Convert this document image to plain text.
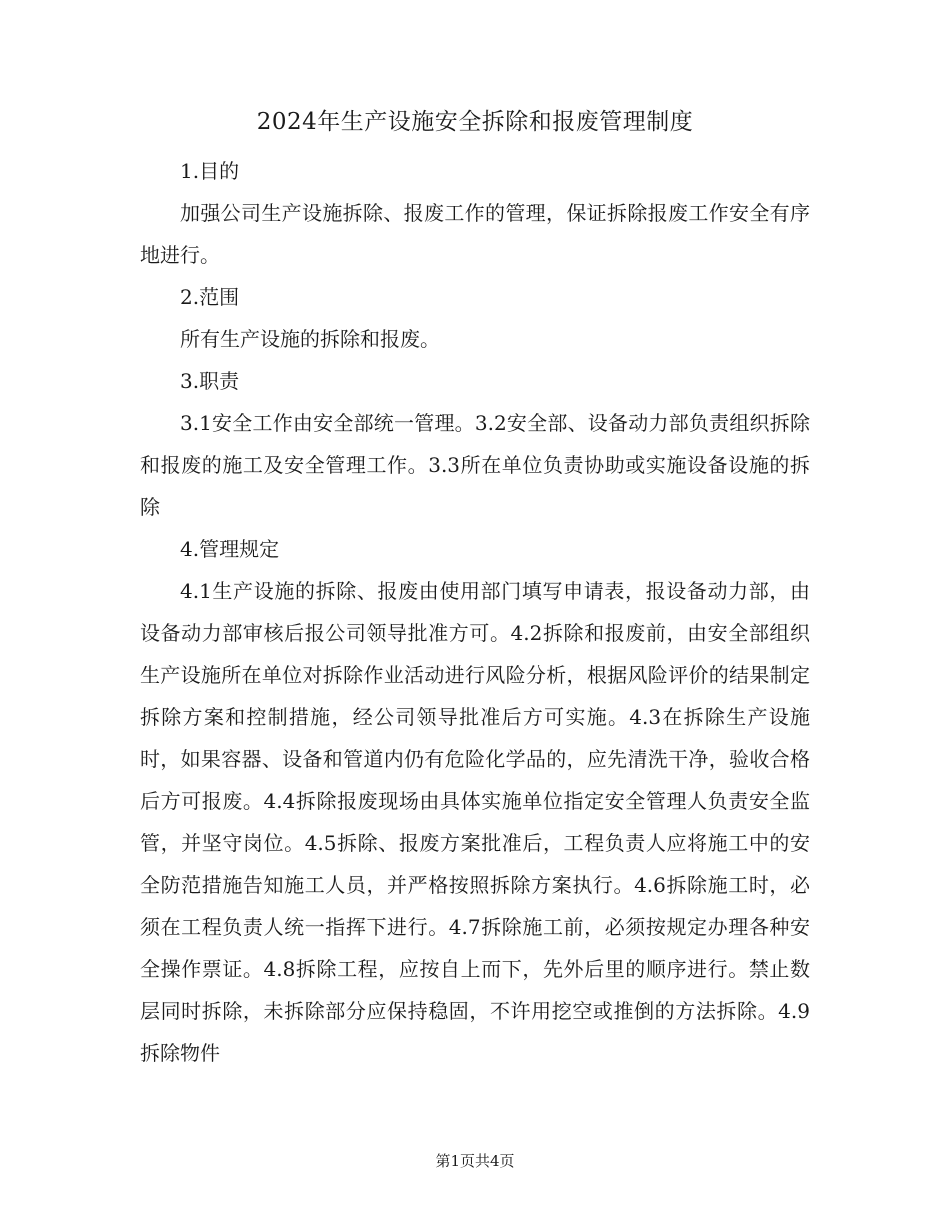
2024年生产设施安全拆除和报废管理制度

1.目的

加强公司生产设施拆除、报废工作的管理，保证拆除报废工作安全有序地进行。

2.范围

所有生产设施的拆除和报废。

3.职责

3.1安全工作由安全部统一管理。3.2安全部、设备动力部负责组织拆除和报废的施工及安全管理工作。3.3所在单位负责协助或实施设备设施的拆除

4.管理规定

4.1生产设施的拆除、报废由使用部门填写申请表，报设备动力部，由设备动力部审核后报公司领导批准方可。4.2拆除和报废前，由安全部组织生产设施所在单位对拆除作业活动进行风险分析，根据风险评价的结果制定拆除方案和控制措施，经公司领导批准后方可实施。4.3在拆除生产设施时，如果容器、设备和管道内仍有危险化学品的，应先清洗干净，验收合格后方可报废。4.4拆除报废现场由具体实施单位指定安全管理人负责安全监管，并坚守岗位。4.5拆除、报废方案批准后，工程负责人应将施工中的安全防范措施告知施工人员，并严格按照拆除方案执行。4.6拆除施工时，必须在工程负责人统一指挥下进行。4.7拆除施工前，必须按规定办理各种安全操作票证。4.8拆除工程，应按自上而下，先外后里的顺序进行。禁止数层同时拆除，未拆除部分应保持稳固，不许用挖空或推倒的方法拆除。4.9拆除物件

第1页共4页
